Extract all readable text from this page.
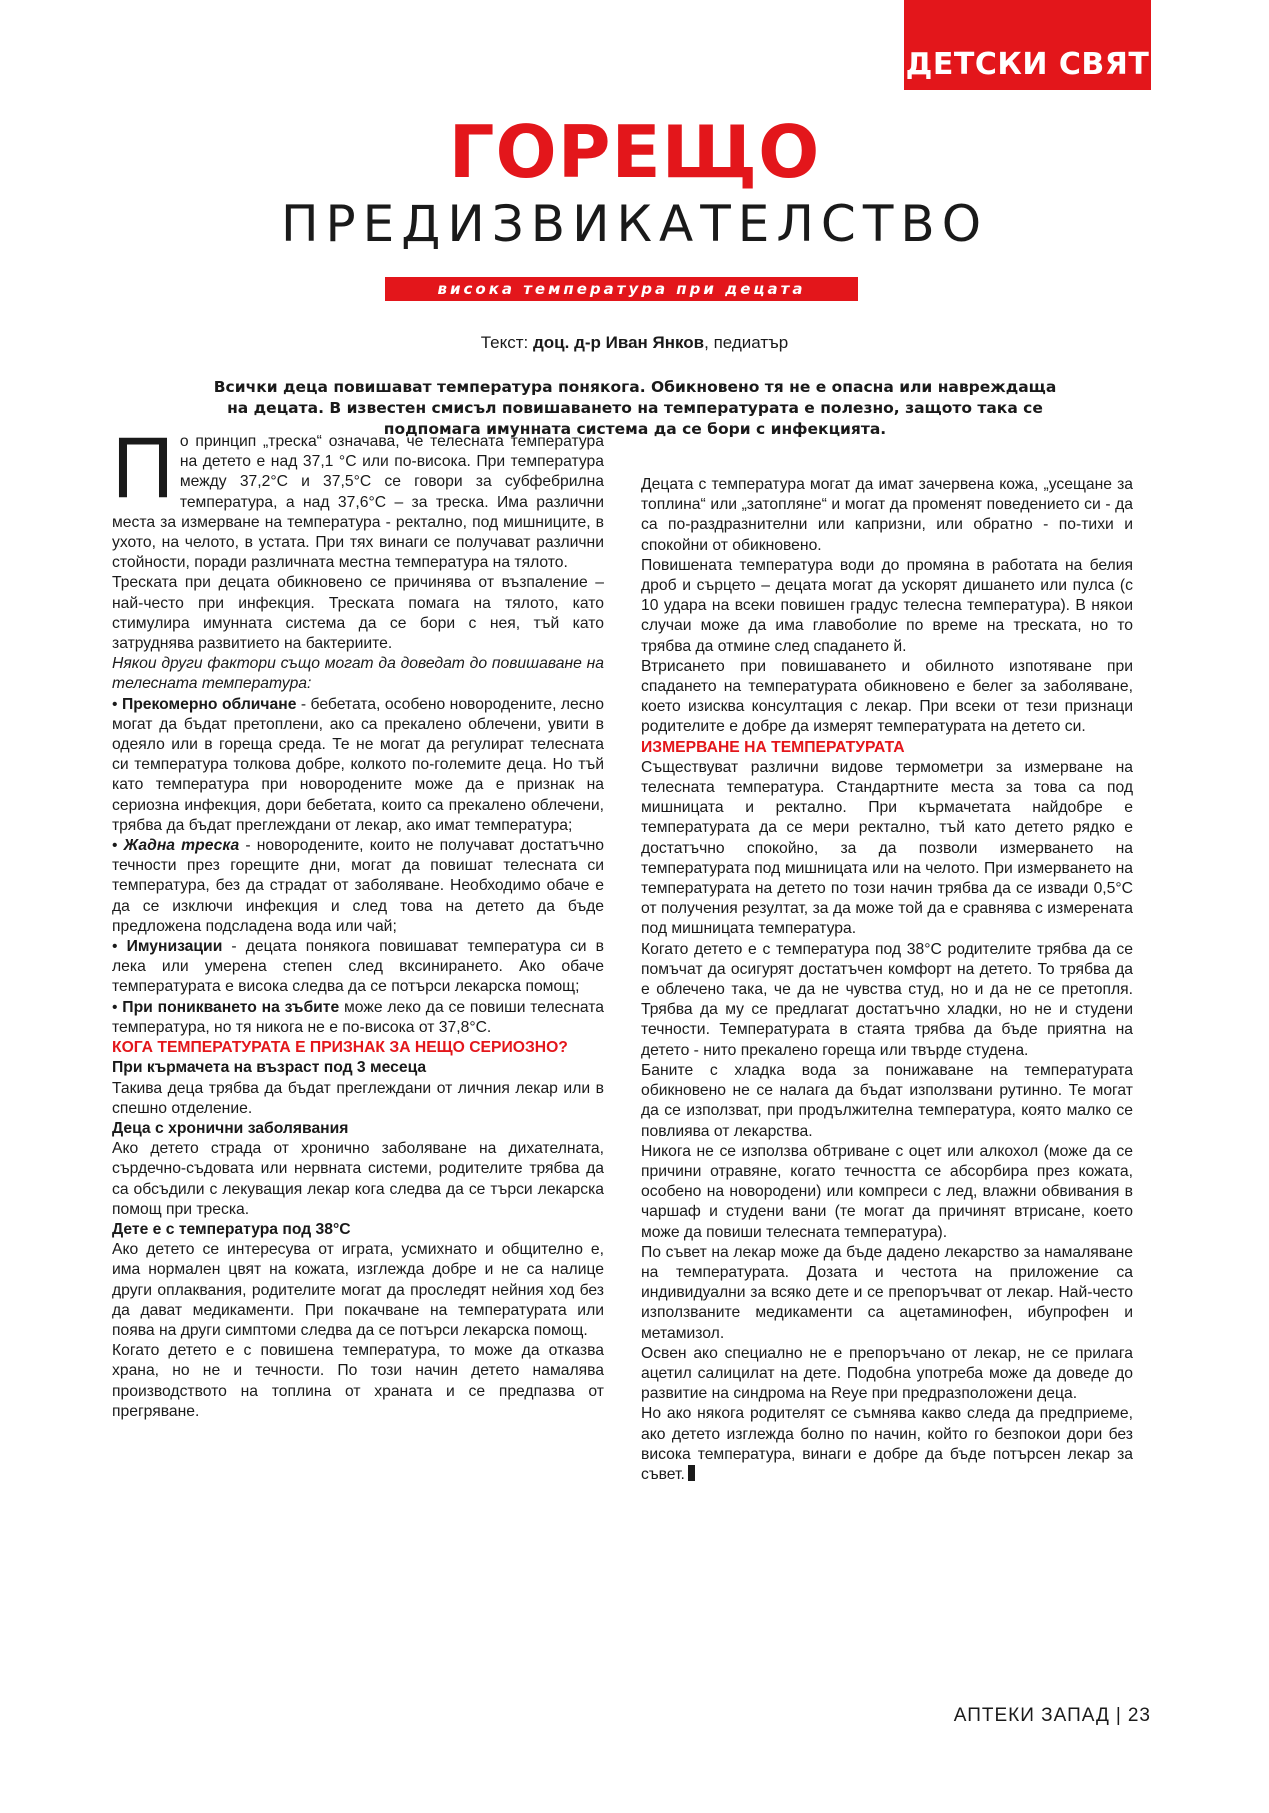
ДЕТСКИ СВЯТ
ГОРЕЩО
ПРЕДИЗВИКАТЕЛСТВО
висока температура при децата
Текст: доц. д-р Иван Янков, педиатър
Всички деца повишават температура понякога. Обикновено тя не е опасна или навреждаща на децата. В известен смисъл повишаването на температурата е полезно, защото така се подпомага имунната система да се бори с инфекцията.

По принцип „треска“ означава, че телесната температура на детето е над 37,1 °C или по-висока. При температура между 37,2°C и 37,5°C се говори за субфебрилна температура, а над 37,6°C – за треска. Има различни места за измерване на температура - ректално, под мишниците, в ухото, на челото, в устата. При тях винаги се получават различни стойности, поради различната местна температура на тялото.

Треската при децата обикновено се причинява от възпаление – най-често при инфекция. Треската помага на тялото, като стимулира имунната система да се бори с нея, тъй като затруднява развитието на бактериите.

Някои други фактори също могат да доведат до повишаване на телесната температура:

• Прекомерно обличане - бебетата, особено новородените, лесно могат да бъдат претоплени, ако са прекалено облечени, увити в одеяло или в гореща среда. Те не могат да регулират телесната си температура толкова добре, колкото по-големите деца. Но тъй като температура при новородените може да е признак на сериозна инфекция, дори бебетата, които са прекалено облечени, трябва да бъдат преглеждани от лекар, ако имат температура;

• Жадна треска - новородените, които не получават достатъчно течности през горещите дни, могат да повишат телесната си температура, без да страдат от заболяване. Необходимо обаче е да се изключи инфекция и след това на детето да бъде предложена подсладена вода или чай;

• Имунизации - децата понякога повишават температура си в лека или умерена степен след вксинирането. Ако обаче температурата е висока следва да се потърси лекарска помощ;

• При поникването на зъбите може леко да се повиши телесната температура, но тя никога не е по-висока от 37,8°C.

КОГА ТЕМПЕРАТУРАТА Е ПРИЗНАК ЗА НЕЩО СЕРИОЗНО?

При кърмачета на възраст под 3 месеца

Такива деца трябва да бъдат преглеждани от личния лекар или в спешно отделение.

Деца с хронични заболявания

Ако детето страда от хронично заболяване на дихателната, сърдечно-съдовата или нервната системи, родителите трябва да са обсъдили с лекуващия лекар кога следва да се търси лекарска помощ при треска.

Дете е с температура под 38°C

Ако детето се интересува от играта, усмихнато и общително е, има нормален цвят на кожата, изглежда добре и не са налице други оплаквания, родителите могат да проследят нейния ход без да дават медикаменти. При покачване на температурата или поява на други симптоми следва да се потърси лекарска помощ.

Когато детето е с повишена температура, то може да отказва храна, но не и течности. По този начин детето намалява производството на топлина от храната и се предпазва от прегряване.

Децата с температура могат да имат зачервена кожа, „усещане за топлина“ или „затопляне“ и могат да променят поведението си - да са по-раздразнителни или капризни, или обратно - по-тихи и спокойни от обикновено.

Повишената температура води до промяна в работата на белия дроб и сърцето – децата могат да ускорят дишането или пулса (с 10 удара на всеки повишен градус телесна температура). В някои случаи може да има главоболие по време на треската, но то трябва да отмине след спадането й.

Втрисането при повишаването и обилното изпотяване при спадането на температурата обикновено е белег за заболяване, което изисква консултация с лекар. При всеки от тези признаци родителите е добре да измерят температурата на детето си.

ИЗМЕРВАНЕ НА ТЕМПЕРАТУРАТА

Съществуват различни видове термометри за измерване на телесната температура. Стандартните места за това са под мишницата и ректално. При кърмачетата найдобре е температурата да се мери ректално, тъй като детето рядко е достатъчно спокойно, за да позволи измерването на температурата под мишницата или на челото. При измерването на температурата на детето по този начин трябва да се извади 0,5°C от получения резултат, за да може той да е сравнява с измерената под мишницата температура.

Когато детето е с температура под 38°C родителите трябва да се помъчат да осигурят достатъчен комфорт на детето. То трябва да е облечено така, че да не чувства студ, но и да не се претопля. Трябва да му се предлагат достатъчно хладки, но не и студени течности. Температурата в стаята трябва да бъде приятна на детето - нито прекалено гореща или твърде студена.

Баните с хладка вода за понижаване на температурата обикновено не се налага да бъдат използвани рутинно. Те могат да се използват, при продължителна температура, която малко се повлиява от лекарства.

Никога не се използва обтриване с оцет или алкохол (може да се причини отравяне, когато течността се абсорбира през кожата, особено на новородени) или компреси с лед, влажни обвивания в чаршаф и студени вани (те могат да причинят втрисане, което може да повиши телесната температура).

По съвет на лекар може да бъде дадено лекарство за намаляване на температурата. Дозата и честота на приложение са индивидуални за всяко дете и се препоръчват от лекар. Най-често използваните медикаменти са ацетаминофен, ибупрофен и метамизол.

Освен ако специално не е препоръчано от лекар, не се прилага ацетил салицилат на дете. Подобна употреба може да доведе до развитие на синдрома на Reye при предразположени деца.

Но ако някога родителят се съмнява какво следа да предприеме, ако детето изглежда болно по начин, който го безпокои дори без висока температура, винаги е добре да бъде потърсен лекар за съвет.

АПТЕКИ ЗАПАД | 23
